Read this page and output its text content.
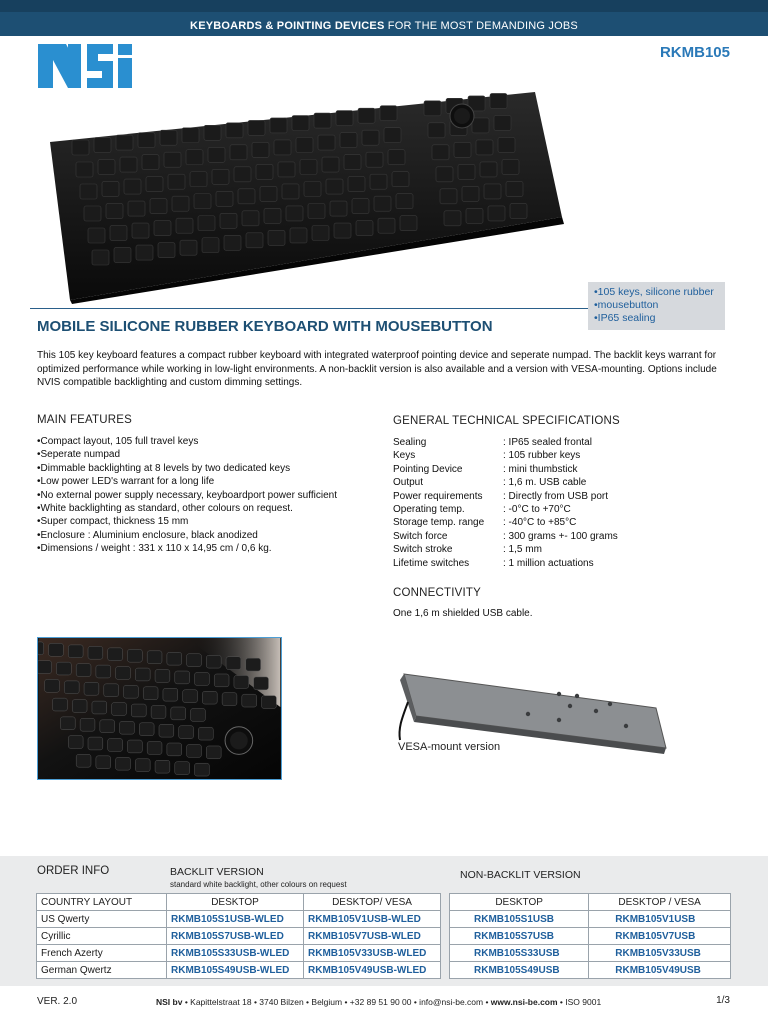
KEYBOARDS & POINTING DEVICES FOR THE MOST DEMANDING JOBS
NSi
RKMB105
•105 keys, silicone rubber
•mousebutton
•IP65 sealing
MOBILE SILICONE RUBBER KEYBOARD WITH MOUSEBUTTON

This 105 key keyboard features a compact rubber keyboard with integrated waterproof pointing device and seperate numpad. The backlit keys warrant for optimized performance while working in low-light environments. A non-backlit version is also available and a version with VESA-mounting. Options include NVIS compatible backlighting and custom dimming settings.

MAIN FEATURES
• Compact layout, 105 full travel keys
• Seperate numpad
• Dimmable backlighting at 8 levels by two dedicated keys
• Low power LED's warrant for a long life
• No external power supply necessary, keyboardport power sufficient
• White backlighting as standard, other colours on request.
• Super compact, thickness 15 mm
• Enclosure : Aluminium enclosure, black anodized
• Dimensions / weight : 331 x 110 x 14,95 cm / 0,6 kg.
GENERAL TECHNICAL SPECIFICATIONS
Sealing	: IP65 sealed frontal
Keys	: 105 rubber keys
Pointing Device	: mini thumbstick
Output	: 1,6 m. USB cable
Power requirements	: Directly from USB port
Operating temp.	: -0°C to +70°C
Storage temp. range	: -40°C to +85°C
Switch force	: 300 grams +- 100 grams
Switch stroke	: 1,5 mm
Lifetime switches	: 1 million actuations
CONNECTIVITY
One 1,6 m shielded USB cable.
VESA-mount version
ORDER INFO	BACKLIT VERSION
standard white backlight, other colours on request
NON-BACKLIT VERSION
COUNTRY LAYOUT	DESKTOP	DESKTOP/ VESA
US Qwerty	RKMB105S1USB-WLED	RKMB105V1USB-WLED
Cyrillic	RKMB105S7USB-WLED	RKMB105V7USB-WLED
French Azerty	RKMB105S33USB-WLED	RKMB105V33USB-WLED
German Qwertz	RKMB105S49USB-WLED	RKMB105V49USB-WLED
DESKTOP	DESKTOP / VESA
RKMB105S1USB	RKMB105V1USB
RKMB105S7USB	RKMB105V7USB
RKMB105S33USB	RKMB105V33USB
RKMB105S49USB	RKMB105V49USB
VER. 2.0	NSI bv • Kapittelstraat 18 • 3740 Bilzen • Belgium • +32 89 51 90 00 • info@nsi-be.com • www.nsi-be.com • ISO 9001	1/3
